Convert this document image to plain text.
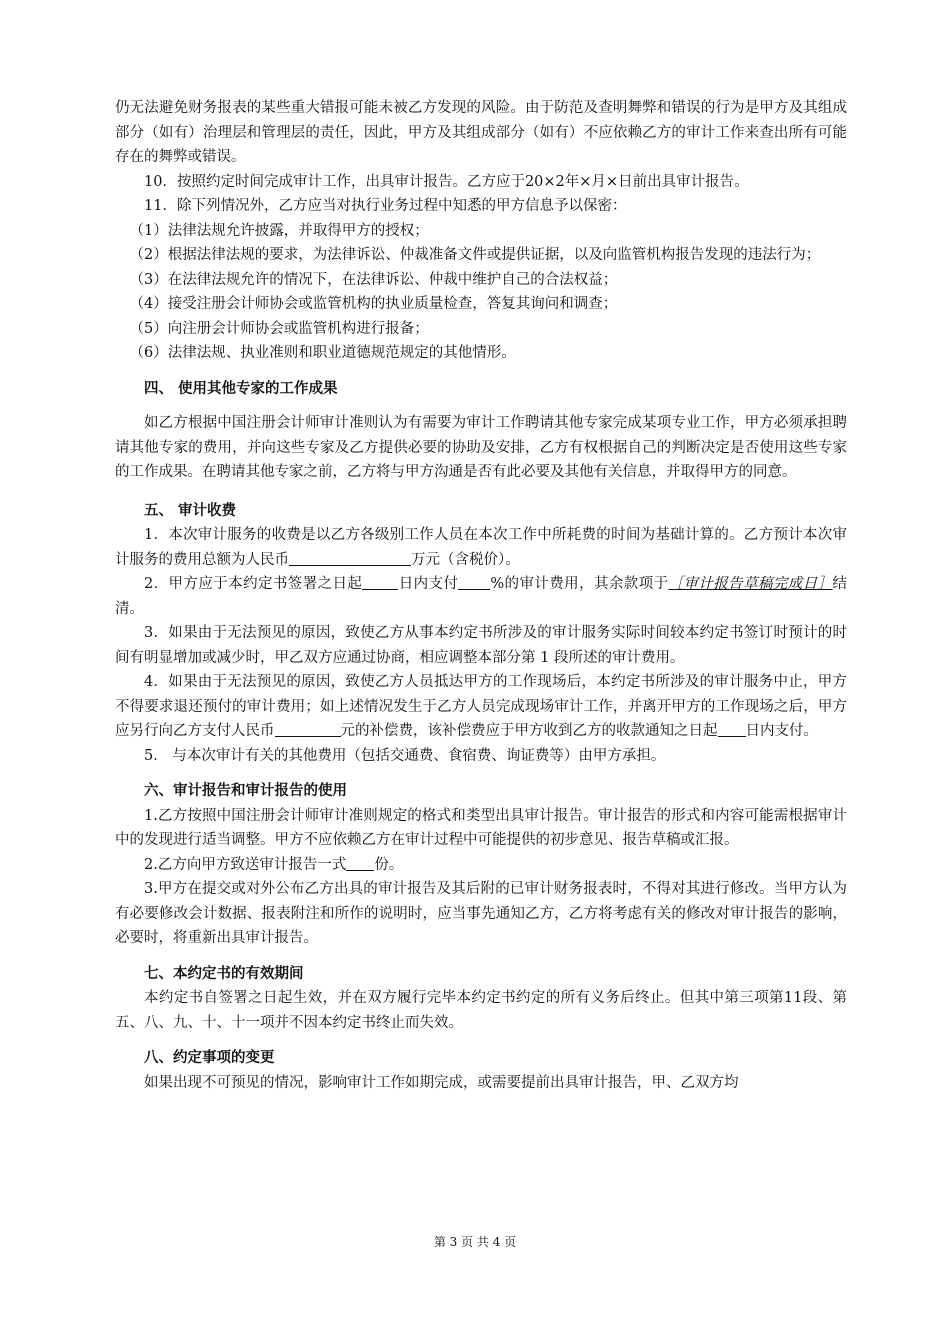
仍无法避免财务报表的某些重大错报可能未被乙方发现的风险。由于防范及查明舞弊和错误的行为是甲方及其组成部分（如有）治理层和管理层的责任，因此，甲方及其组成部分（如有）不应依赖乙方的审计工作来查出所有可能存在的舞弊或错误。

10．按照约定时间完成审计工作，出具审计报告。乙方应于20×2年×月×日前出具审计报告。

11．除下列情况外，乙方应当对执行业务过程中知悉的甲方信息予以保密：

（1）法律法规允许披露，并取得甲方的授权；

（2）根据法律法规的要求，为法律诉讼、仲裁准备文件或提供证据，以及向监管机构报告发现的违法行为；

（3）在法律法规允许的情况下，在法律诉讼、仲裁中维护自己的合法权益；

（4）接受注册会计师协会或监管机构的执业质量检查，答复其询问和调查；

（5）向注册会计师协会或监管机构进行报备；

（6）法律法规、执业准则和职业道德规范规定的其他情形。

四、 使用其他专家的工作成果

如乙方根据中国注册会计师审计准则认为有需要为审计工作聘请其他专家完成某项专业工作，甲方必须承担聘请其他专家的费用，并向这些专家及乙方提供必要的协助及安排，乙方有权根据自己的判断决定是否使用这些专家的工作成果。在聘请其他专家之前，乙方将与甲方沟通是否有此必要及其他有关信息，并取得甲方的同意。

五、 审计收费

1．本次审计服务的收费是以乙方各级别工作人员在本次工作中所耗费的时间为基础计算的。乙方预计本次审计服务的费用总额为人民币	万元（含税价）。

2．甲方应于本约定书签署之日起 日内支付 %的审计费用，其余款项于［审计报告草稿完成日］结清。

3．如果由于无法预见的原因，致使乙方从事本约定书所涉及的审计服务实际时间较本约定书签订时预计的时间有明显增加或减少时，甲乙双方应通过协商，相应调整本部分第 1 段所述的审计费用。

4．如果由于无法预见的原因，致使乙方人员抵达甲方的工作现场后，本约定书所涉及的审计服务中止，甲方不得要求退还预付的审计费用；如上述情况发生于乙方人员完成现场审计工作，并离开甲方的工作现场之后，甲方应另行向乙方支付人民币	元的补偿费，该补偿费应于甲方收到乙方的收款通知之日起 日内支付。

5． 与本次审计有关的其他费用（包括交通费、食宿费、询证费等）由甲方承担。

六、审计报告和审计报告的使用

1.乙方按照中国注册会计师审计准则规定的格式和类型出具审计报告。审计报告的形式和内容可能需根据审计中的发现进行适当调整。甲方不应依赖乙方在审计过程中可能提供的初步意见、报告草稿或汇报。

2.乙方向甲方致送审计报告一式 份。

3.甲方在提交或对外公布乙方出具的审计报告及其后附的已审计财务报表时，不得对其进行修改。当甲方认为有必要修改会计数据、报表附注和所作的说明时，应当事先通知乙方，乙方将考虑有关的修改对审计报告的影响，必要时，将重新出具审计报告。

七、本约定书的有效期间

本约定书自签署之日起生效，并在双方履行完毕本约定书约定的所有义务后终止。但其中第三项第11段、第五、八、九、十、十一项并不因本约定书终止而失效。

八、约定事项的变更

如果出现不可预见的情况，影响审计工作如期完成，或需要提前出具审计报告，甲、乙双方均

第 3 页 共 4 页
